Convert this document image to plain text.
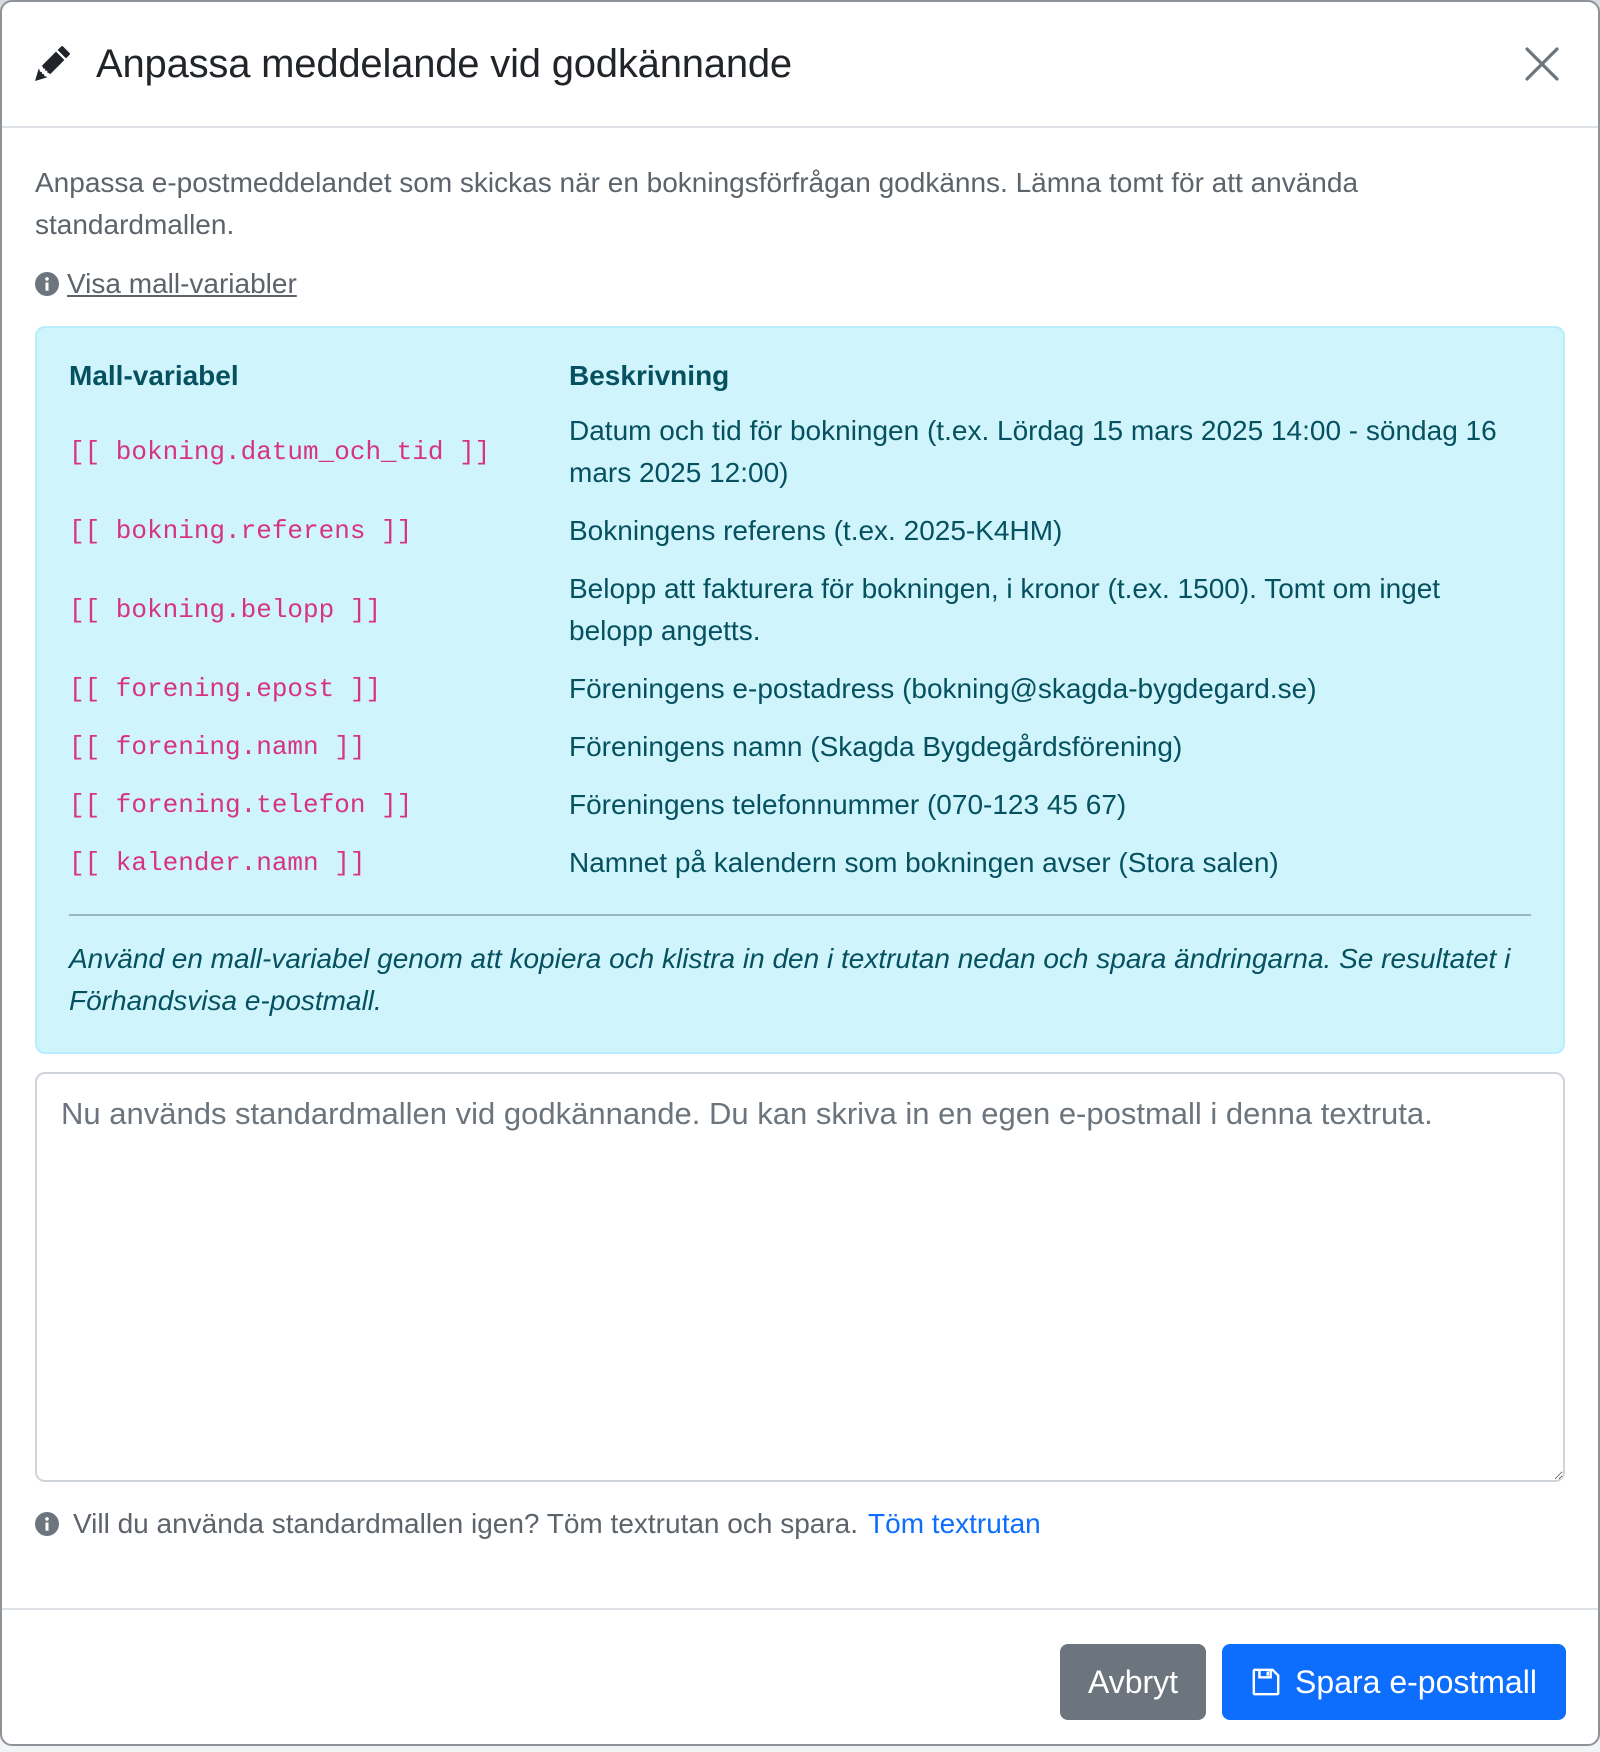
Anpassa meddelande vid godkännande

Anpassa e-postmeddelandet som skickas när en bokningsförfrågan godkänns. Lämna tomt för att använda standardmallen.

Visa mall-variabler
Mall-variabel	Beskrivning
[[ bokning.datum_och_tid ]]	Datum och tid för bokningen (t.ex. Lördag 15 mars 2025 14:00 - söndag 16 mars 2025 12:00)
[[ bokning.referens ]]	Bokningens referens (t.ex. 2025-K4HM)
[[ bokning.belopp ]]	Belopp att fakturera för bokningen, i kronor (t.ex. 1500). Tomt om inget belopp angetts.
[[ forening.epost ]]	Föreningens e-postadress (bokning@skagda-bygdegard.se)
[[ forening.namn ]]	Föreningens namn (Skagda Bygdegårdsförening)
[[ forening.telefon ]]	Föreningens telefonnummer (070-123 45 67)
[[ kalender.namn ]]	Namnet på kalendern som bokningen avser (Stora salen)

Använd en mall-variabel genom att kopiera och klistra in den i textrutan nedan och spara ändringarna. Se resultatet i Förhandsvisa e-postmall.

Nu används standardmallen vid godkännande. Du kan skriva in en egen e-postmall i denna textruta.
Vill du använda standardmallen igen? Töm textrutan och spara. Töm textrutan
Avbryt	Spara e-postmall
